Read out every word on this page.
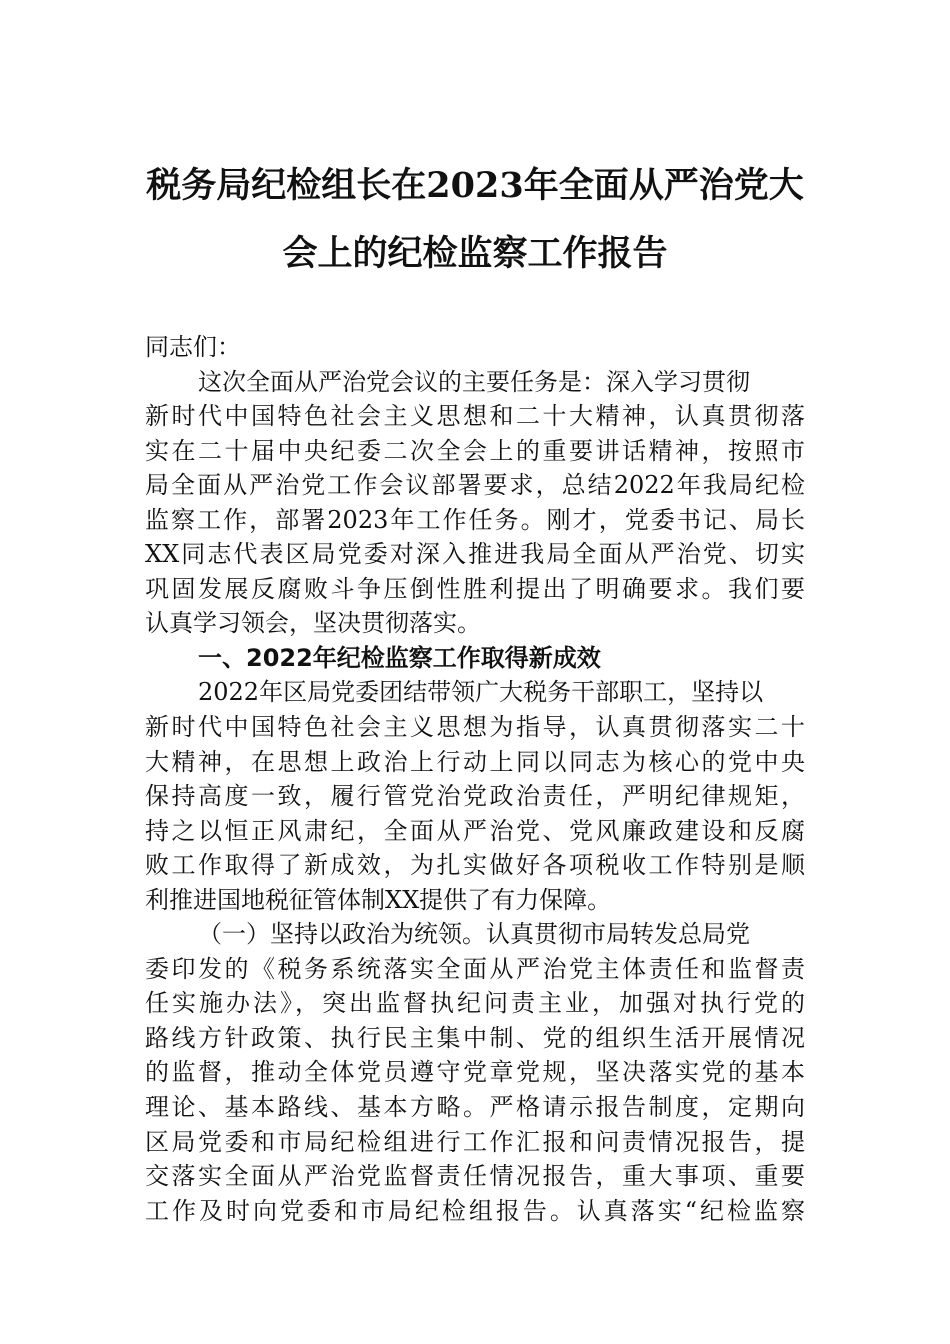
税务局纪检组长在2023年全面从严治党大
会上的纪检监察工作报告
同志们：
这次全面从严治党会议的主要任务是：深入学习贯彻
新时代中国特色社会主义思想和二十大精神，认真贯彻落
实在二十届中央纪委二次全会上的重要讲话精神，按照市
局全面从严治党工作会议部署要求，总结2022年我局纪检
监察工作，部署2023年工作任务。刚才，党委书记、局长
XX同志代表区局党委对深入推进我局全面从严治党、切实
巩固发展反腐败斗争压倒性胜利提出了明确要求。我们要
认真学习领会，坚决贯彻落实。
一、2022年纪检监察工作取得新成效
2022年区局党委团结带领广大税务干部职工，坚持以
新时代中国特色社会主义思想为指导，认真贯彻落实二十
大精神，在思想上政治上行动上同以同志为核心的党中央
保持高度一致，履行管党治党政治责任，严明纪律规矩，
持之以恒正风肃纪，全面从严治党、党风廉政建设和反腐
败工作取得了新成效，为扎实做好各项税收工作特别是顺
利推进国地税征管体制XX提供了有力保障。
（一）坚持以政治为统领。认真贯彻市局转发总局党
委印发的《税务系统落实全面从严治党主体责任和监督责
任实施办法》，突出监督执纪问责主业，加强对执行党的
路线方针政策、执行民主集中制、党的组织生活开展情况
的监督，推动全体党员遵守党章党规，坚决落实党的基本
理论、基本路线、基本方略。严格请示报告制度，定期向
区局党委和市局纪检组进行工作汇报和问责情况报告，提
交落实全面从严治党监督责任情况报告，重大事项、重要
工作及时向党委和市局纪检组报告。认真落实“纪检监察
